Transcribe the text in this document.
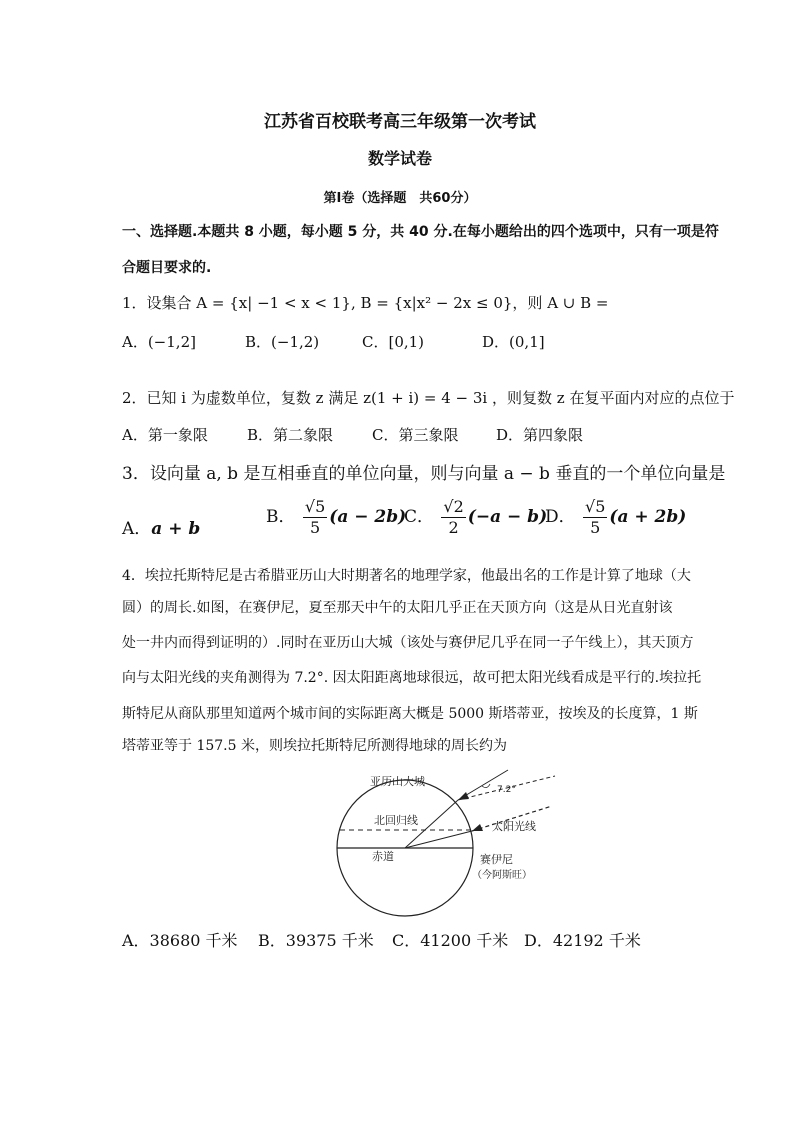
江苏省百校联考高三年级第一次考试
数学试卷
第Ⅰ卷（选择题　共60分）
一、选择题.本题共 8 小题，每小题 5 分，共 40 分.在每小题给出的四个选项中，只有一项是符
合题目要求的.
1．设集合 A = {x| −1 < x < 1}, B = {x|x² − 2x ≤ 0}，则 A ∪ B =
A．(−1,2]	B．(−1,2)	C．[0,1)	D．(0,1]
2．已知 i 为虚数单位，复数 z 满足 z(1 + i) = 4 − 3i ，则复数 z 在复平面内对应的点位于
A．第一象限	B．第二象限	C．第三象限	D．第四象限
3．设向量 a, b 是互相垂直的单位向量，则与向量 a − b 垂直的一个单位向量是
A．a + b
B． $\frac{√5}{5} (a - 2b)$
C． $\frac{√2}{2} (-a - b)$
D． $\frac{√5}{5} (a + 2b)$
4．埃拉托斯特尼是古希腊亚历山大时期著名的地理学家，他最出名的工作是计算了地球（大
圆）的周长.如图，在赛伊尼，夏至那天中午的太阳几乎正在天顶方向（这是从日光直射该
处一井内而得到证明的）.同时在亚历山大城（该处与赛伊尼几乎在同一子午线上），其天顶方
向与太阳光线的夹角测得为 7.2°. 因太阳距离地球很远，故可把太阳光线看成是平行的.埃拉托
斯特尼从商队那里知道两个城市间的实际距离大概是 5000 斯塔蒂亚，按埃及的长度算，1 斯
塔蒂亚等于 157.5 米，则埃拉托斯特尼所测得地球的周长约为
亚历山大城
7.2°
北回归线	太阳光线
赤道	赛伊尼
（今阿斯旺）
A．38680 千米 B．39375 千米 C．41200 千米 D．42192 千米
